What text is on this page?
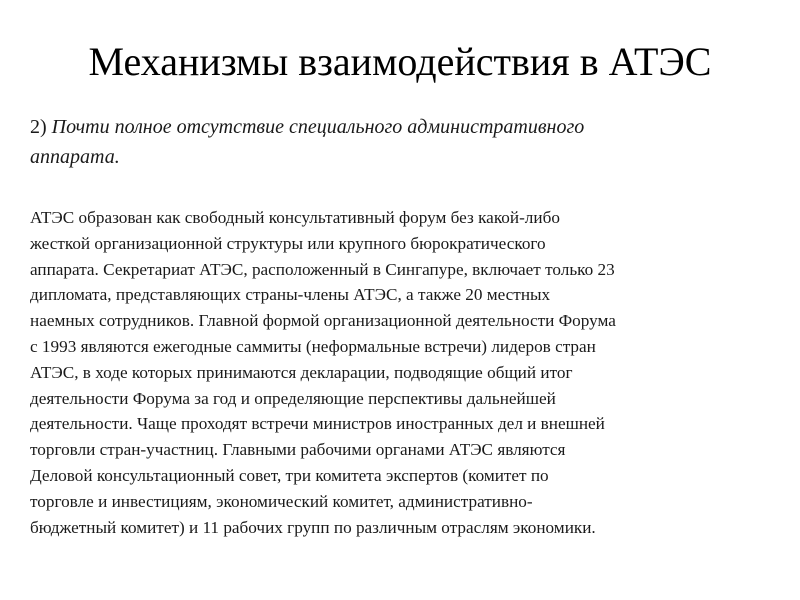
Механизмы взаимодействия в АТЭС

2) Почти полное отсутствие специального административного
аппарата.

АТЭС образован как свободный консультативный форум без какой-либо
жесткой организационной структуры или крупного бюрократического
аппарата. Секретариат АТЭС, расположенный в Сингапуре, включает только 23
дипломата, представляющих страны-члены АТЭС, а также 20 местных
наемных сотрудников. Главной формой организационной деятельности Форума
с 1993 являются ежегодные саммиты (неформальные встречи) лидеров стран
АТЭС, в ходе которых принимаются декларации, подводящие общий итог
деятельности Форума за год и определяющие перспективы дальнейшей
деятельности. Чаще проходят встречи министров иностранных дел и внешней
торговли стран-участниц. Главными рабочими органами АТЭС являются
Деловой консультационный совет, три комитета экспертов (комитет по
торговле и инвестициям, экономический комитет, административно-
бюджетный комитет) и 11 рабочих групп по различным отраслям экономики.
